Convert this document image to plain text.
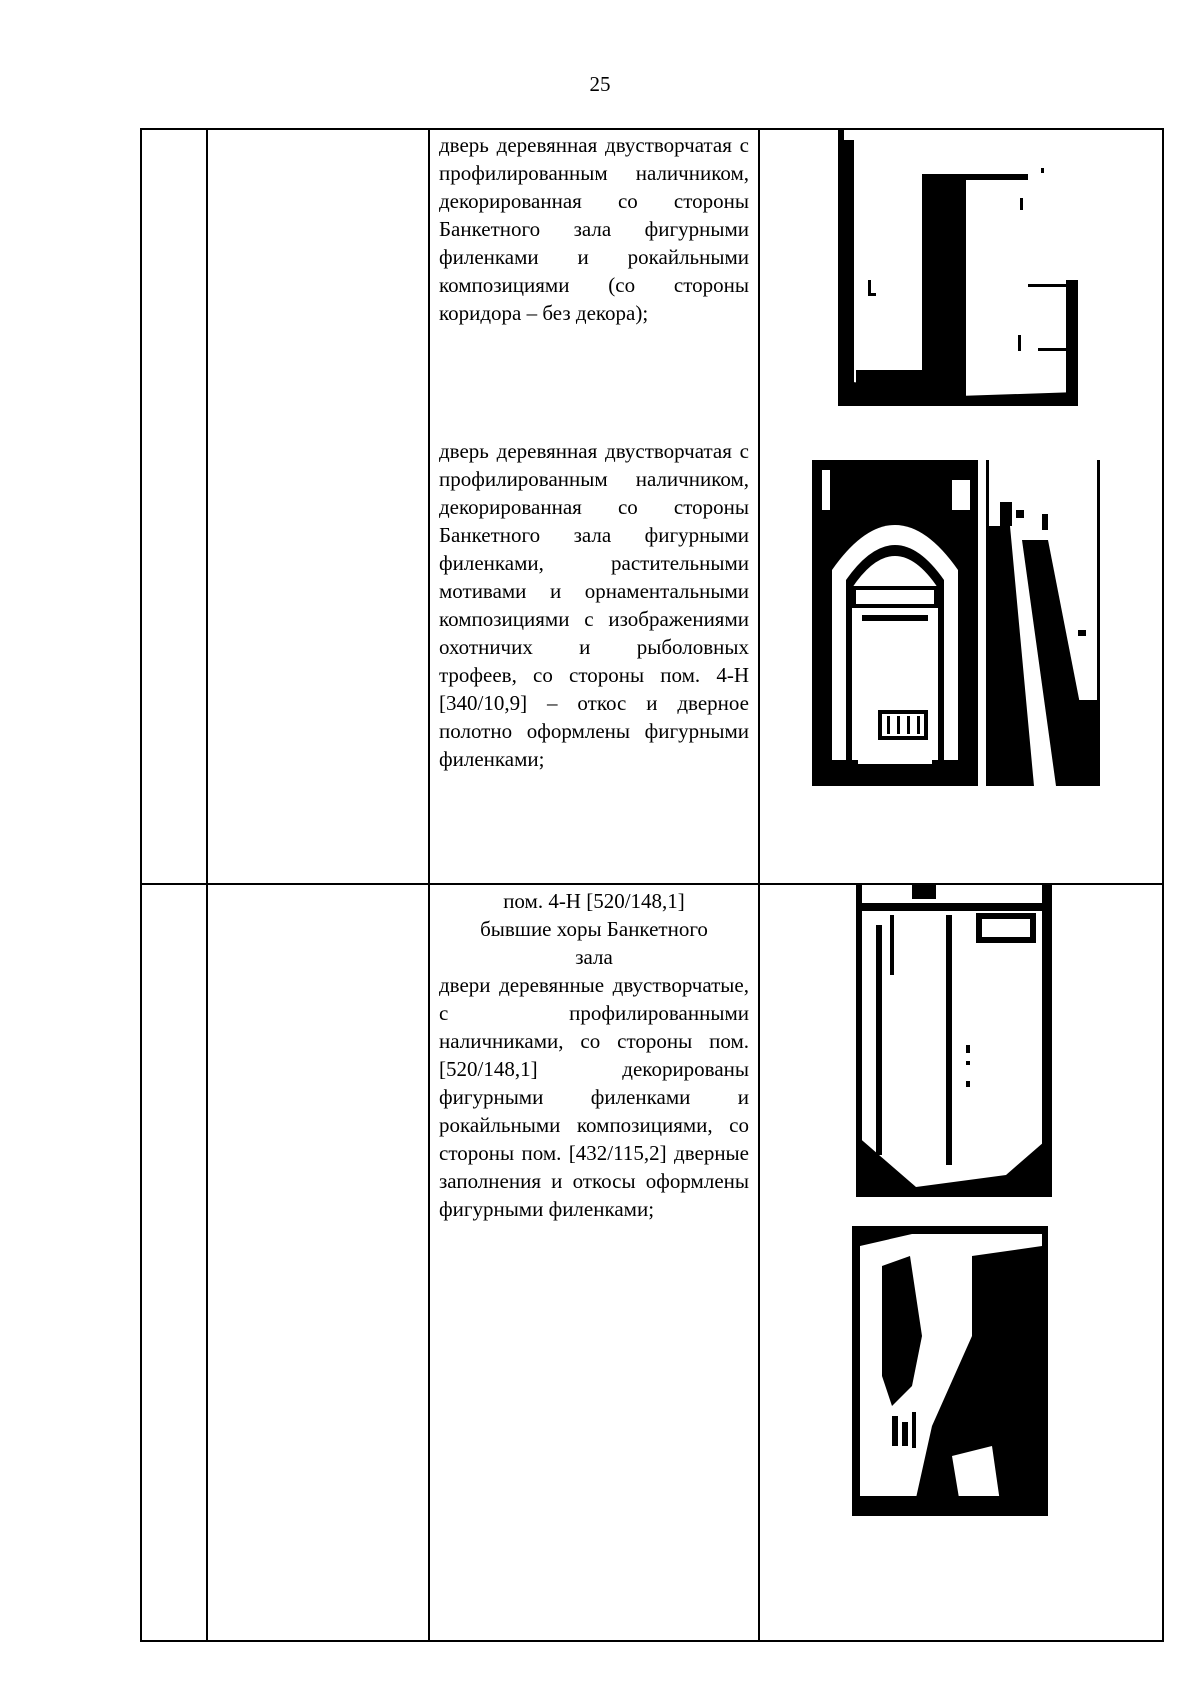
25
дверь деревянная двустворчатая с профилированным наличником, декорированная со стороны Банкетного зала фигурными филенками и рокайльными композициями (со стороны коридора – без декора);
дверь деревянная двустворчатая с профилированным наличником, декорированная со стороны Банкетного зала фигурными филенками, растительными мотивами и орнаментальными композициями с изображениями охотничих и рыболовных трофеев, со стороны пом. 4-Н [340/10,9] – откос и дверное полотно оформлены фигурными филенками;
пом. 4-Н [520/148,1]
бывшие хоры Банкетного
зала
двери деревянные двустворчатые, с профилированными наличниками, со стороны пом. [520/148,1] декорированы фигурными филенками и рокайльными композициями, со стороны пом. [432/115,2] дверные заполнения и откосы оформлены фигурными филенками;
